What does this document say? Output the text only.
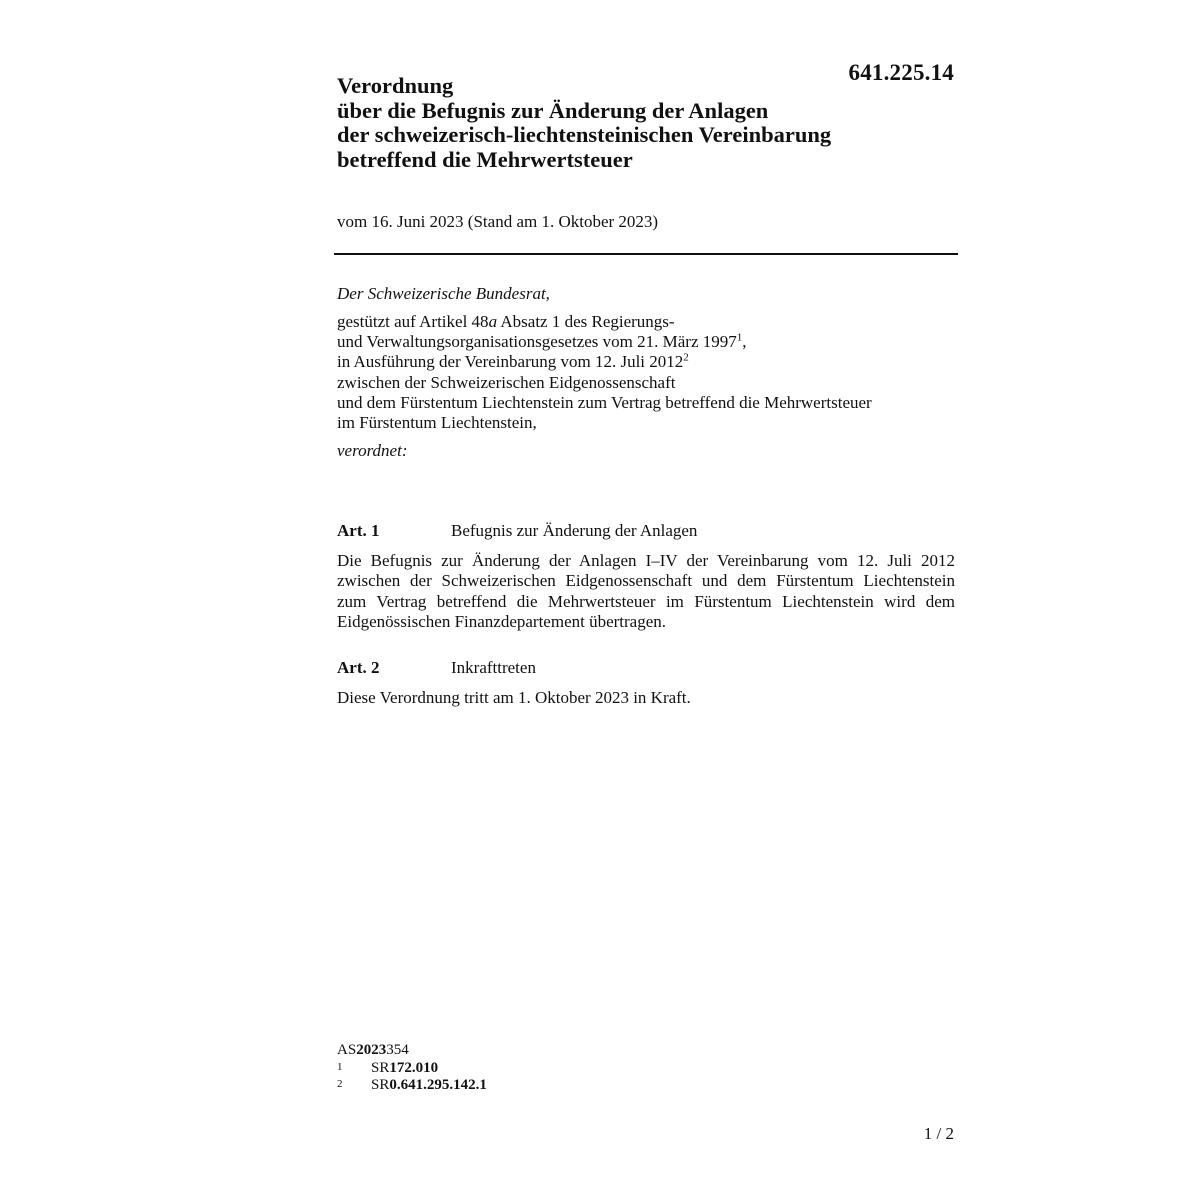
641.225.14
Verordnung
über die Befugnis zur Änderung der Anlagen
der schweizerisch-liechtensteinischen Vereinbarung
betreffend die Mehrwertsteuer
vom 16. Juni 2023 (Stand am 1. Oktober 2023)
Der Schweizerische Bundesrat,
gestützt auf Artikel 48a Absatz 1 des Regierungs-
und Verwaltungsorganisationsgesetzes vom 21. März 1997$^1$,
in Ausführung der Vereinbarung vom 12. Juli 2012$^2$
zwischen der Schweizerischen Eidgenossenschaft
und dem Fürstentum Liechtenstein zum Vertrag betreffend die Mehrwertsteuer
im Fürstentum Liechtenstein,
verordnet:
Art. 1	Befugnis zur Änderung der Anlagen
Die Befugnis zur Änderung der Anlagen I–IV der Vereinbarung vom 12. Juli 2012
zwischen der Schweizerischen Eidgenossenschaft und dem Fürstentum Liechtenstein
zum Vertrag betreffend die Mehrwertsteuer im Fürstentum Liechtenstein wird dem
Eidgenössischen Finanzdepartement übertragen.
Art. 2	Inkrafttreten
Diese Verordnung tritt am 1. Oktober 2023 in Kraft.
AS 2023 354
1	SR 172.010
2	SR 0.641.295.142.1
1 / 2
